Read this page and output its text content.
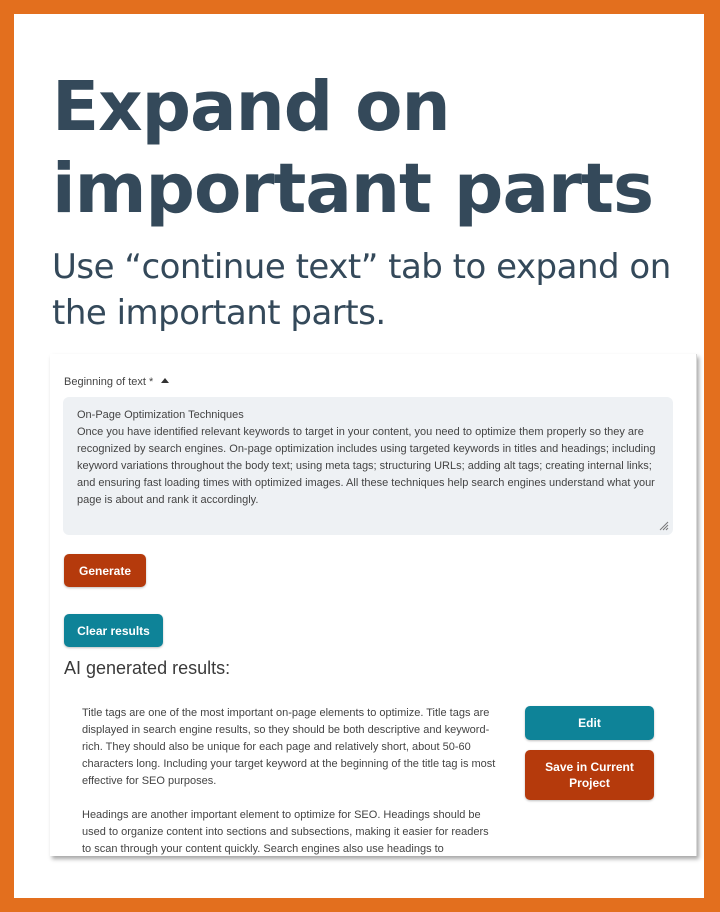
Expand on important parts

Use “continue text” tab to expand on the important parts.

Beginning of text *

On-Page Optimization Techniques

Once you have identified relevant keywords to target in your content, you need to optimize them properly so they are recognized by search engines. On-page optimization includes using targeted keywords in titles and headings; including keyword variations throughout the body text; using meta tags; structuring URLs; adding alt tags; creating internal links; and ensuring fast loading times with optimized images. All these techniques help search engines understand what your page is about and rank it accordingly.

Generate
Clear results
AI generated results:

Title tags are one of the most important on-page elements to optimize. Title tags are displayed in search engine results, so they should be both descriptive and keyword-rich. They should also be unique for each page and relatively short, about 50-60 characters long. Including your target keyword at the beginning of the title tag is most effective for SEO purposes.

Headings are another important element to optimize for SEO. Headings should be used to organize content into sections and subsections, making it easier for readers to scan through your content quickly. Search engines also use headings to

Edit
Save in Current Project
